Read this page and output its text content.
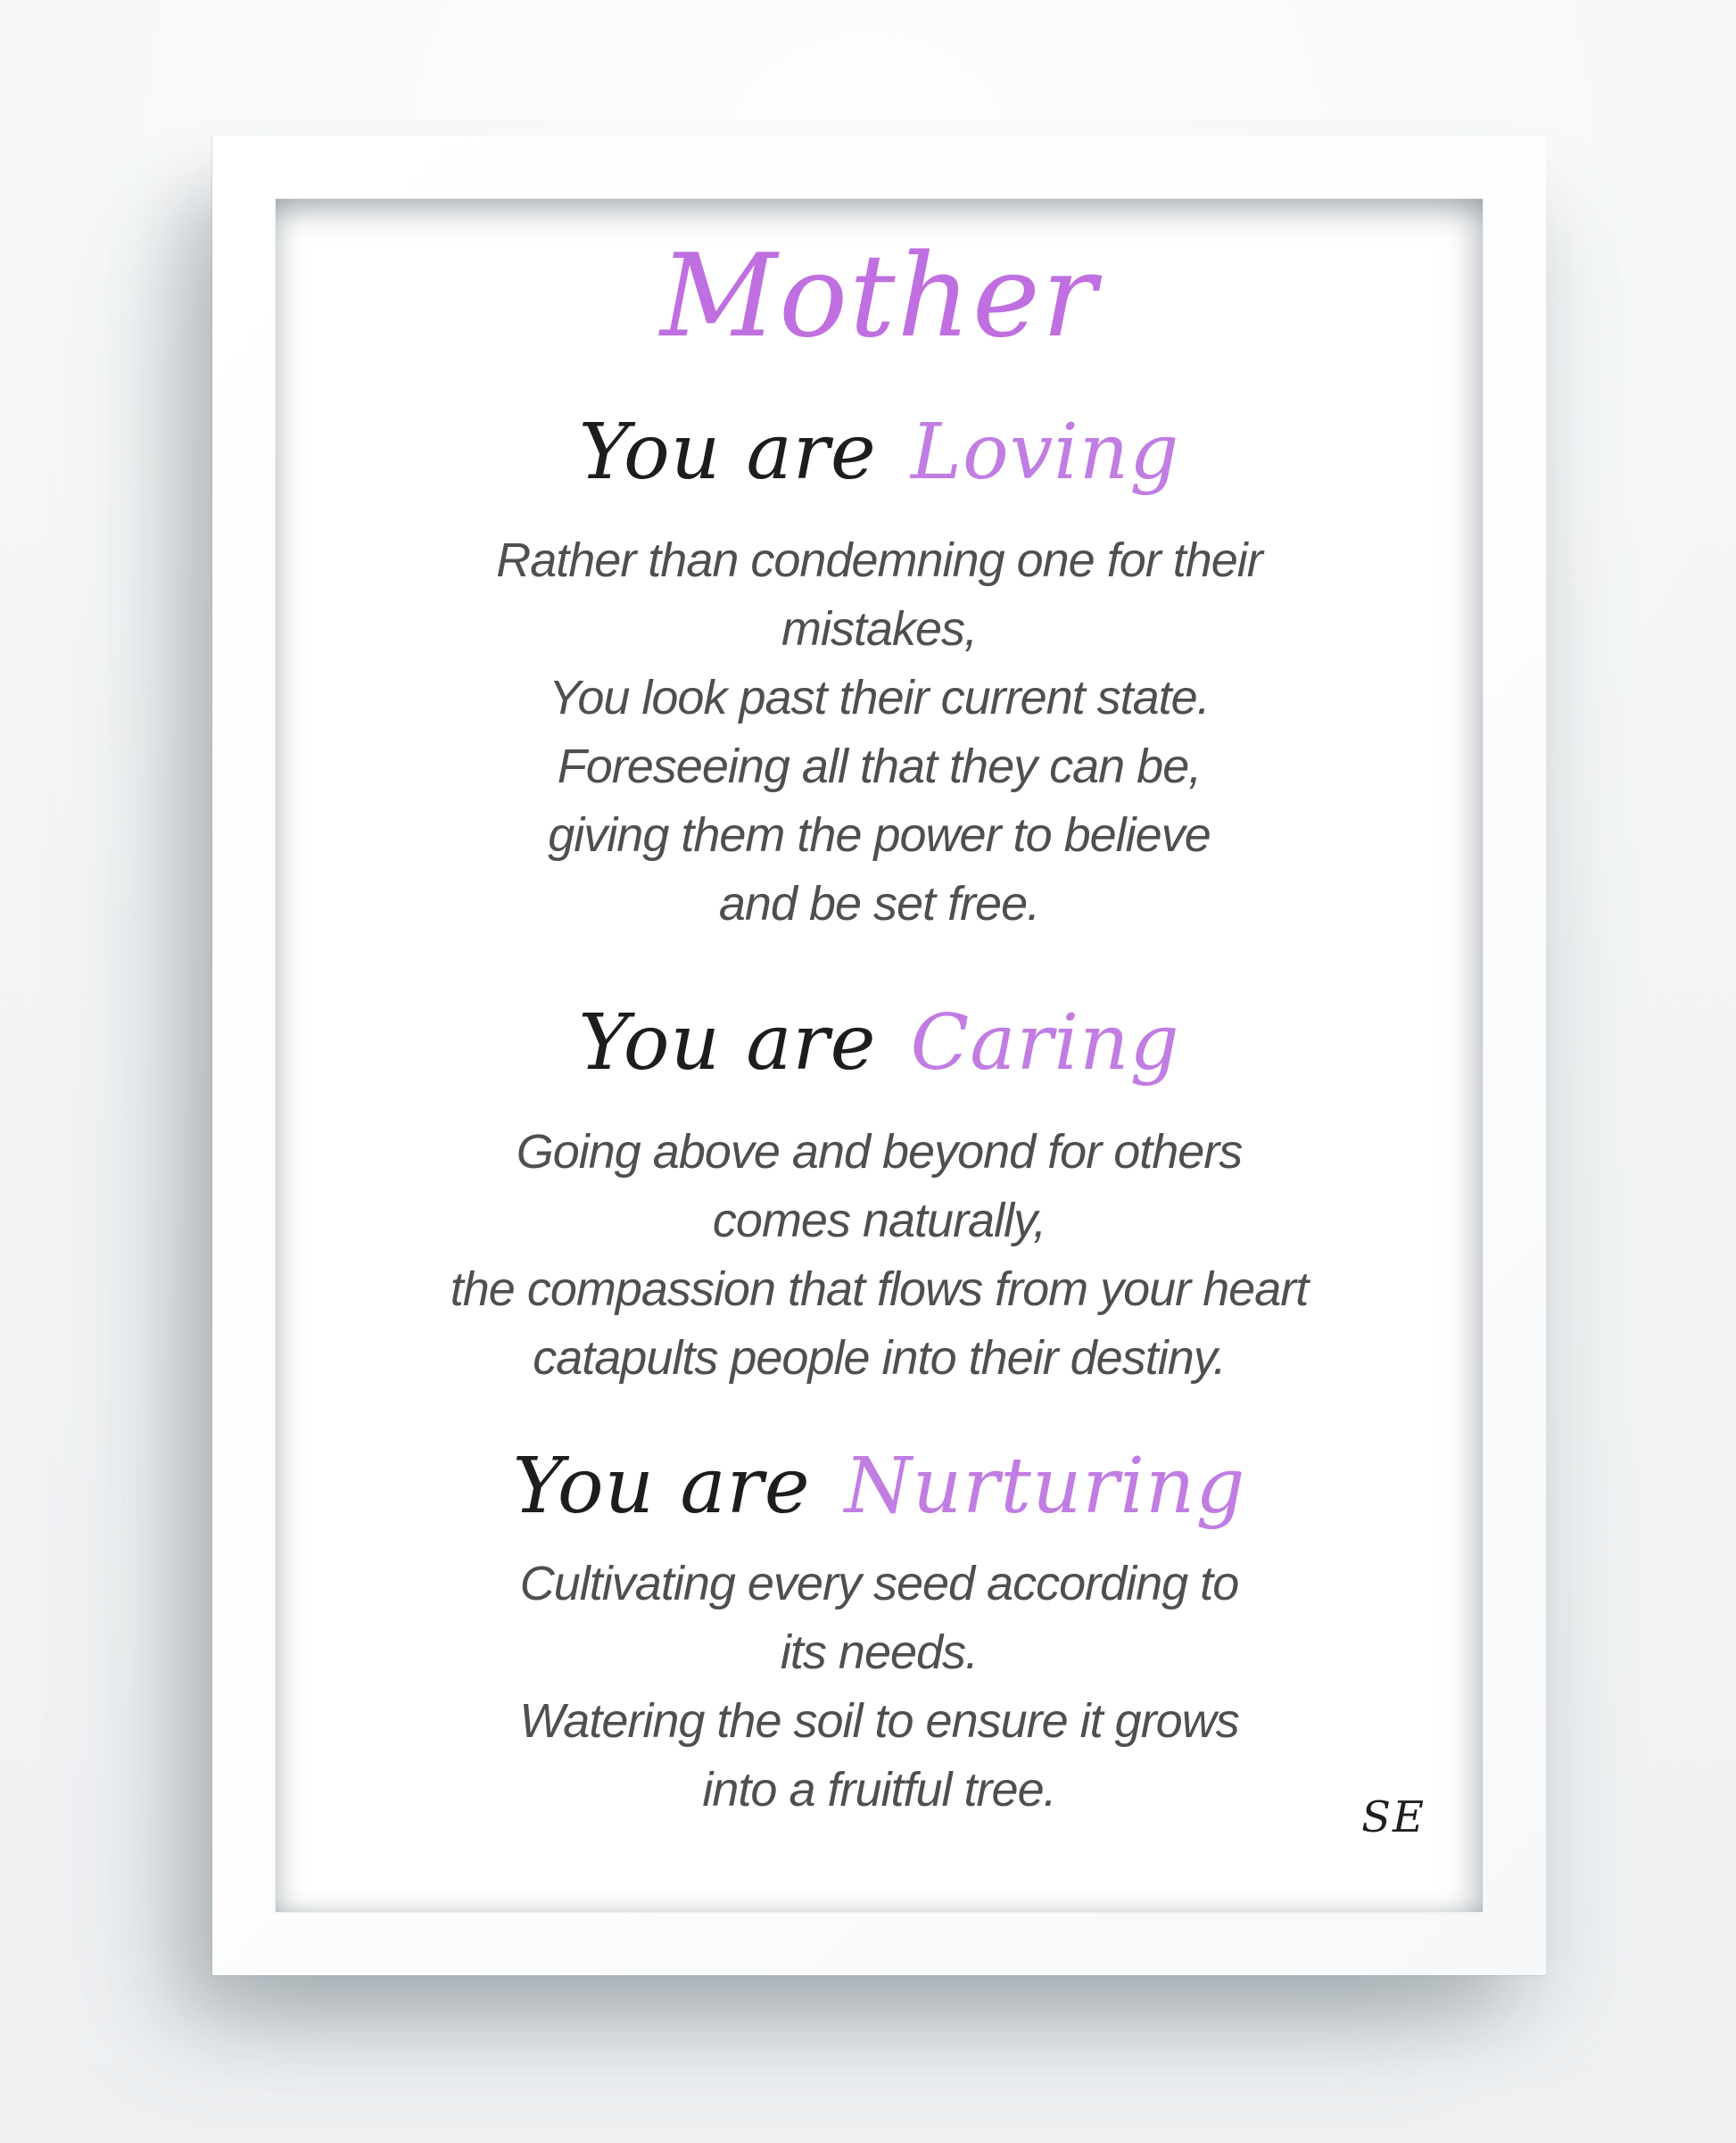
Mother
You are Loving
Rather than condemning one for their
mistakes,
You look past their current state.
Foreseeing all that they can be,
giving them the power to believe
and be set free.
You are Caring
Going above and beyond for others
comes naturally,
the compassion that flows from your heart
catapults people into their destiny.
You are Nurturing
Cultivating every seed according to
its needs.
Watering the soil to ensure it grows
into a fruitful tree.
SE
